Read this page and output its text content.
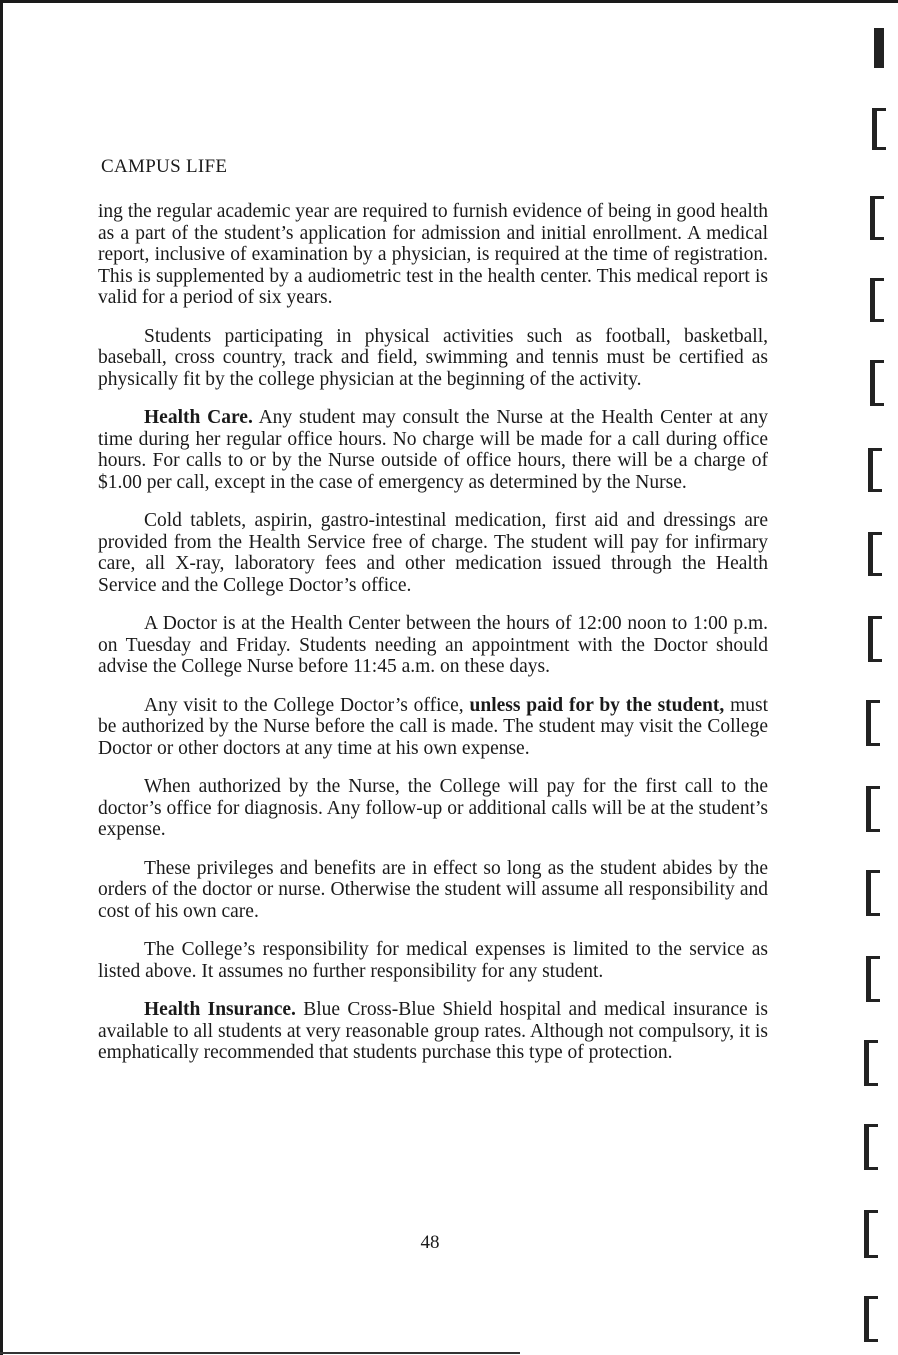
CAMPUS LIFE

ing the regular academic year are required to furnish evidence of being in good health as a part of the student’s application for admission and initial enrollment. A medical report, inclusive of examination by a physician, is required at the time of registration. This is supplemented by a audiometric test in the health center. This medical report is valid for a period of six years.

Students participating in physical activities such as football, basketball, baseball, cross country, track and field, swimming and tennis must be certified as physically fit by the college physician at the beginning of the activity.

Health Care. Any student may consult the Nurse at the Health Center at any time during her regular office hours. No charge will be made for a call during office hours. For calls to or by the Nurse outside of office hours, there will be a charge of $1.00 per call, except in the case of emergency as determined by the Nurse.

Cold tablets, aspirin, gastro-intestinal medication, first aid and dressings are provided from the Health Service free of charge. The student will pay for infirmary care, all X-ray, laboratory fees and other medication issued through the Health Service and the College Doctor’s office.

A Doctor is at the Health Center between the hours of 12:00 noon to 1:00 p.m. on Tuesday and Friday. Students needing an appointment with the Doctor should advise the College Nurse before 11:45 a.m. on these days.

Any visit to the College Doctor’s office, unless paid for by the student, must be authorized by the Nurse before the call is made. The student may visit the College Doctor or other doctors at any time at his own expense.

When authorized by the Nurse, the College will pay for the first call to the doctor’s office for diagnosis. Any follow-up or additional calls will be at the student’s expense.

These privileges and benefits are in effect so long as the student abides by the orders of the doctor or nurse. Otherwise the student will assume all responsibility and cost of his own care.

The College’s responsibility for medical expenses is limited to the service as listed above. It assumes no further responsibility for any student.

Health Insurance. Blue Cross-Blue Shield hospital and medical insurance is available to all students at very reasonable group rates. Although not compulsory, it is emphatically recommended that students purchase this type of protection.

48
